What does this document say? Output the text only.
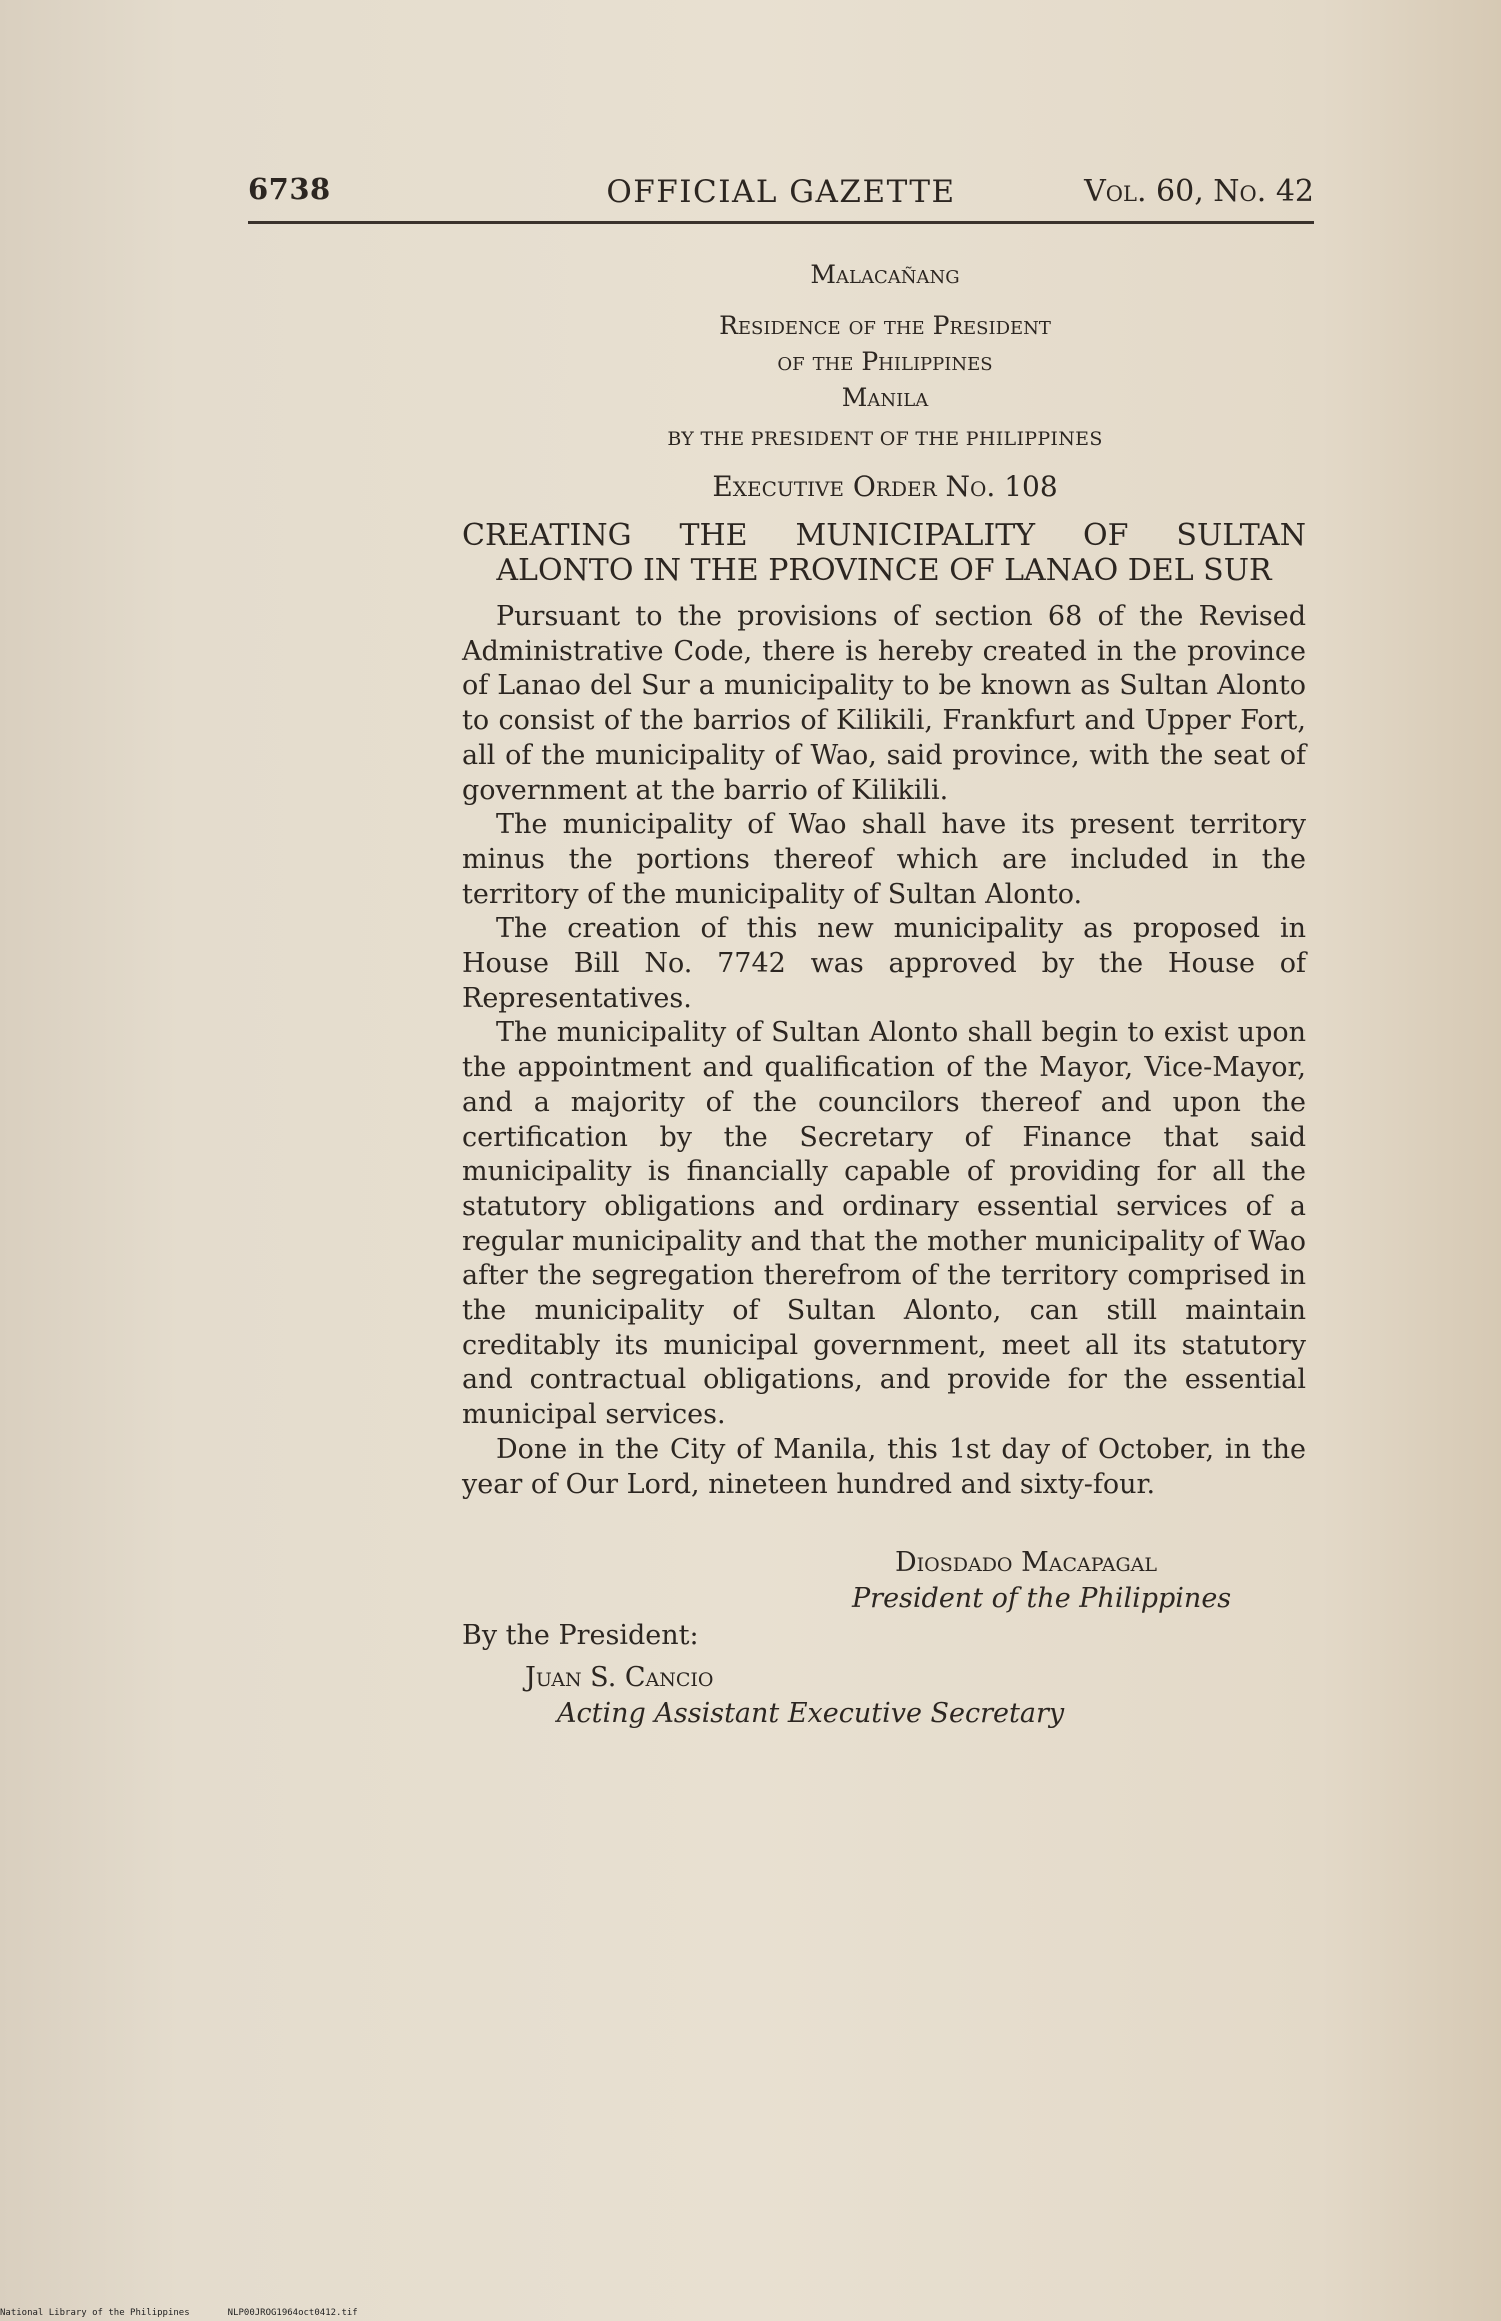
6738	OFFICIAL GAZETTE	Vol. 60, No. 42
Malacañang
Residence of the President
of the Philippines
Manila
BY THE PRESIDENT OF THE PHILIPPINES
Executive Order No. 108
CREATING THE MUNICIPALITY OF SULTAN
ALONTO IN THE PROVINCE OF LANAO DEL SUR

Pursuant to the provisions of section 68 of the Revised Administrative Code, there is hereby created in the province of Lanao del Sur a municipality to be known as Sultan Alonto to consist of the barrios of Kilikili, Frankfurt and Upper Fort, all of the municipality of Wao, said province, with the seat of government at the barrio of Kilikili.

The municipality of Wao shall have its present territory minus the portions thereof which are included in the territory of the municipality of Sultan Alonto.

The creation of this new municipality as proposed in House Bill No. 7742 was approved by the House of Representatives.

The municipality of Sultan Alonto shall begin to exist upon the appointment and qualification of the Mayor, Vice-Mayor, and a majority of the councilors thereof and upon the certification by the Secretary of Finance that said municipality is financially capable of providing for all the statutory obligations and ordinary essential services of a regular municipality and that the mother municipality of Wao after the segregation therefrom of the territory comprised in the municipality of Sultan Alonto, can still maintain creditably its municipal government, meet all its statutory and contractual obligations, and provide for the essential municipal services.

Done in the City of Manila, this 1st day of October, in the year of Our Lord, nineteen hundred and sixty-four.

Diosdado Macapagal
President of the Philippines
By the President:
Juan S. Cancio
Acting Assistant Executive Secretary
National Library of the Philippines	NLP00JROG1964oct0412.tif
